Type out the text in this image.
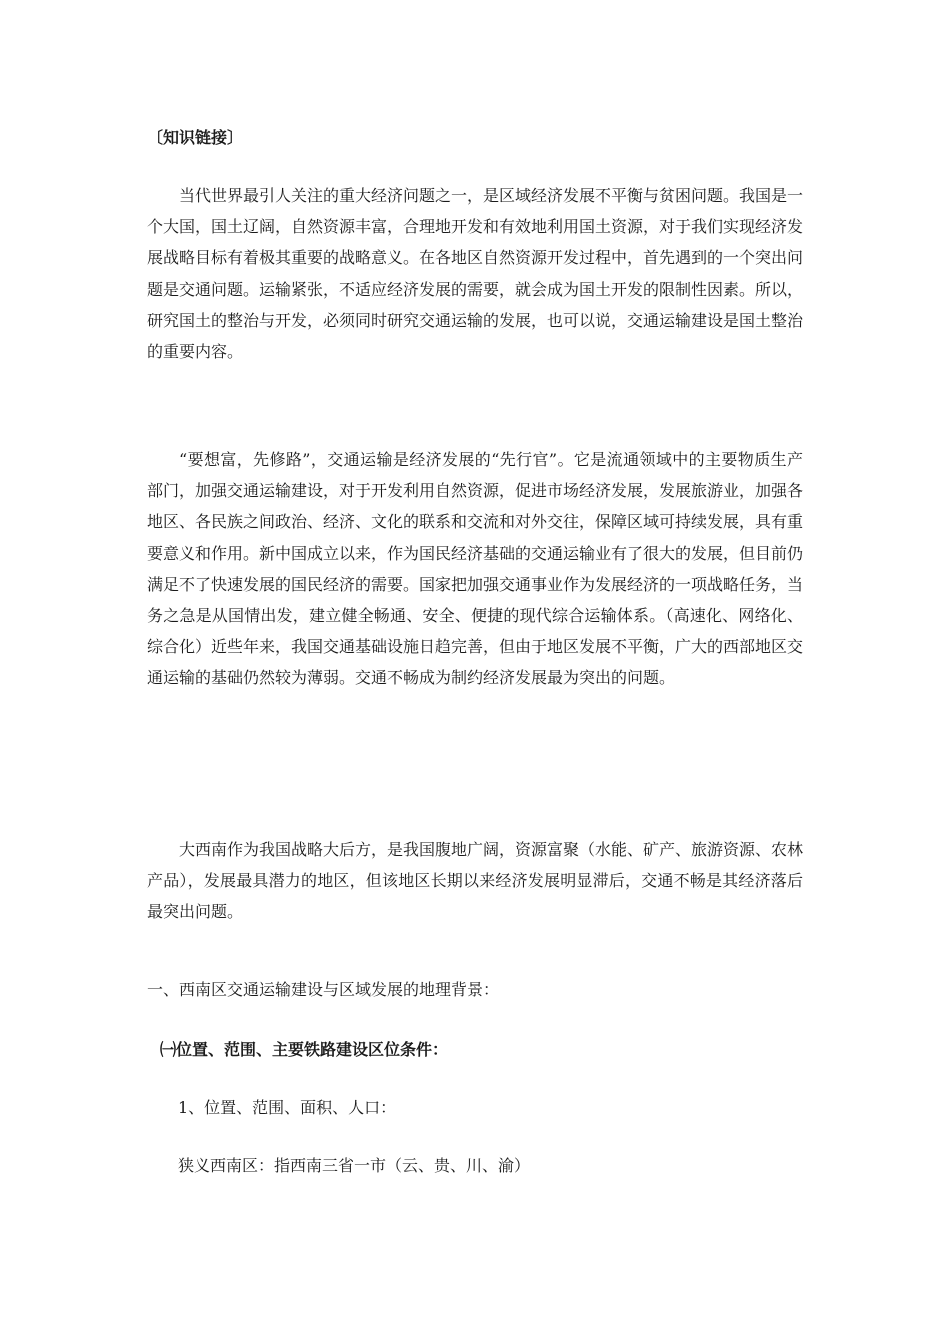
〔知识链接〕

当代世界最引人关注的重大经济问题之一，是区域经济发展不平衡与贫困问题。我国是一个大国，国土辽阔，自然资源丰富，合理地开发和有效地利用国土资源，对于我们实现经济发展战略目标有着极其重要的战略意义。在各地区自然资源开发过程中，首先遇到的一个突出问题是交通问题。运输紧张，不适应经济发展的需要，就会成为国土开发的限制性因素。所以，研究国土的整治与开发，必须同时研究交通运输的发展，也可以说，交通运输建设是国土整治的重要内容。

“要想富，先修路”，交通运输是经济发展的“先行官”。它是流通领域中的主要物质生产部门，加强交通运输建设，对于开发利用自然资源，促进市场经济发展，发展旅游业，加强各地区、各民族之间政治、经济、文化的联系和交流和对外交往，保障区域可持续发展，具有重要意义和作用。新中国成立以来，作为国民经济基础的交通运输业有了很大的发展，但目前仍满足不了快速发展的国民经济的需要。国家把加强交通事业作为发展经济的一项战略任务，当务之急是从国情出发，建立健全畅通、安全、便捷的现代综合运输体系。（高速化、网络化、综合化）近些年来，我国交通基础设施日趋完善，但由于地区发展不平衡，广大的西部地区交通运输的基础仍然较为薄弱。交通不畅成为制约经济发展最为突出的问题。

大西南作为我国战略大后方，是我国腹地广阔，资源富聚（水能、矿产、旅游资源、农林产品），发展最具潜力的地区，但该地区长期以来经济发展明显滞后，交通不畅是其经济落后最突出问题。

一、西南区交通运输建设与区域发展的地理背景：

㈠位置、范围、主要铁路建设区位条件：

1、位置、范围、面积、人口：

狭义西南区：指西南三省一市（云、贵、川、渝）
